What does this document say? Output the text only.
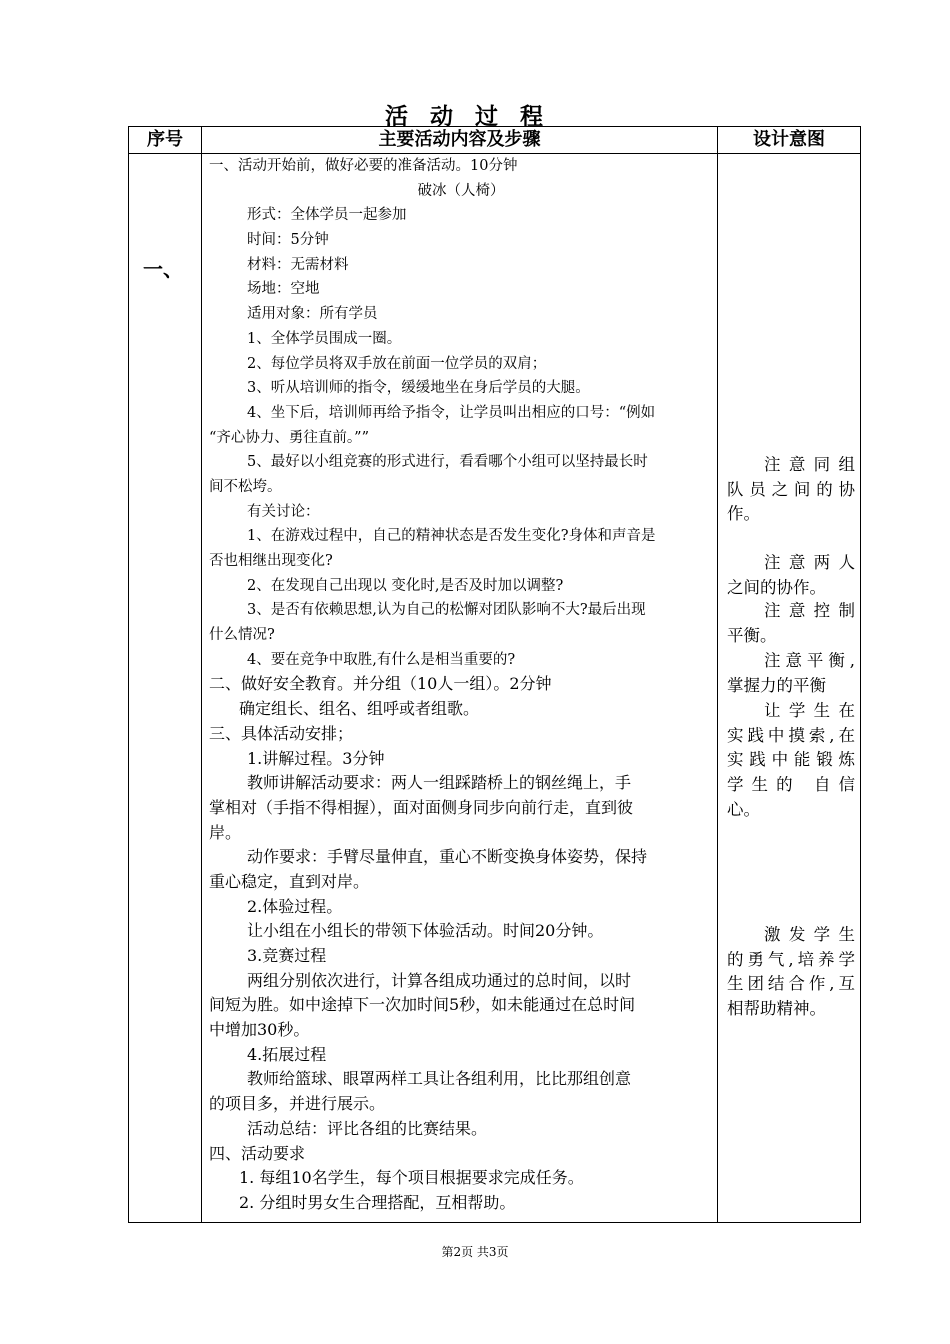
活动过程
序号	主要活动内容及步骤	设计意图
一、
一、活动开始前，做好必要的准备活动。10分钟
破冰（人椅）
形式：全体学员一起参加
时间：5分钟
材料：无需材料
场地：空地
适用对象：所有学员
1、全体学员围成一圈。
2、每位学员将双手放在前面一位学员的双肩；
3、听从培训师的指令，缓缓地坐在身后学员的大腿。
4、坐下后，培训师再给予指令，让学员叫出相应的口号：“例如
“齐心协力、勇往直前。””
5、最好以小组竞赛的形式进行，看看哪个小组可以坚持最长时
间不松垮。
有关讨论：
1、在游戏过程中，自己的精神状态是否发生变化?身体和声音是
否也相继出现变化?
2、在发现自己出现以 变化时,是否及时加以调整?
3、是否有依赖思想,认为自己的松懈对团队影响不大?最后出现
什么情况?
4、要在竞争中取胜,有什么是相当重要的?
二、做好安全教育。并分组（10人一组）。2分钟
确定组长、组名、组呼或者组歌。
三、具体活动安排；
1.讲解过程。3分钟
教师讲解活动要求：两人一组踩踏桥上的钢丝绳上，手
掌相对（手指不得相握），面对面侧身同步向前行走，直到彼
岸。
动作要求：手臂尽量伸直，重心不断变换身体姿势，保持
重心稳定，直到对岸。
2.体验过程。
让小组在小组长的带领下体验活动。时间20分钟。
3.竞赛过程
两组分别依次进行，计算各组成功通过的总时间，以时
间短为胜。如中途掉下一次加时间5秒，如未能通过在总时间
中增加30秒。
4.拓展过程
教师给篮球、眼罩两样工具让各组利用，比比那组创意
的项目多，并进行展示。
活动总结：评比各组的比赛结果。
四、活动要求
1. 每组10名学生，每个项目根据要求完成任务。
2. 分组时男女生合理搭配，互相帮助。
注意同组
队员之间的协
作。
注意两人
之间的协作。
注意控制
平衡。
注意平衡,
掌握力的平衡
让学生在
实践中摸索,在
实践中能锻炼
学生的 自信
心。
激发学生
的勇气,培养学
生团结合作,互
相帮助精神。
第2页 共3页
